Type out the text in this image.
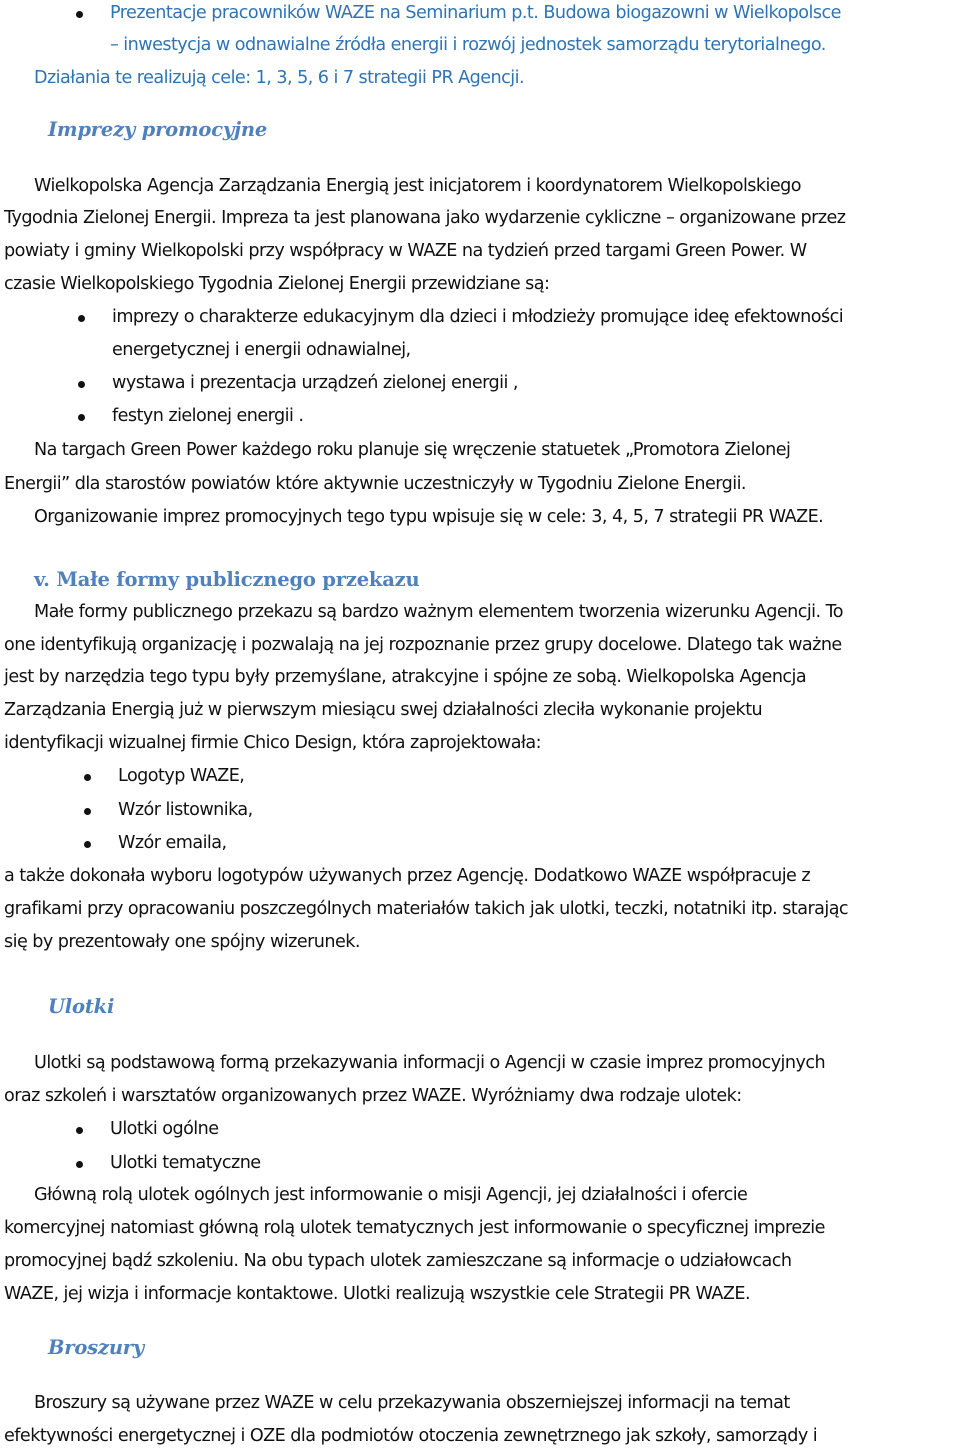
Prezentacje pracowników WAZE na Seminarium p.t. Budowa biogazowni w Wielkopolsce
– inwestycja w odnawialne źródła energii i rozwój jednostek samorządu terytorialnego.
Działania te realizują cele: 1, 3, 5, 6 i 7 strategii PR Agencji.
Imprezy promocyjne
Wielkopolska Agencja Zarządzania Energią jest inicjatorem i koordynatorem Wielkopolskiego
Tygodnia Zielonej Energii. Impreza ta jest planowana jako wydarzenie cykliczne – organizowane przez
powiaty i gminy Wielkopolski przy współpracy w WAZE na tydzień przed targami Green Power. W
czasie Wielkopolskiego Tygodnia Zielonej Energii przewidziane są:
imprezy o charakterze edukacyjnym dla dzieci i młodzieży promujące ideę efektowności
energetycznej i energii odnawialnej,
wystawa i prezentacja urządzeń zielonej energii ,
festyn zielonej energii .
Na targach Green Power każdego roku planuje się wręczenie statuetek „Promotora Zielonej
Energii” dla starostów powiatów które aktywnie uczestniczyły w Tygodniu Zielone Energii.
Organizowanie imprez promocyjnych tego typu wpisuje się w cele: 3, 4, 5, 7 strategii PR WAZE.
v. Małe formy publicznego przekazu
Małe formy publicznego przekazu są bardzo ważnym elementem tworzenia wizerunku Agencji. To
one identyfikują organizację i pozwalają na jej rozpoznanie przez grupy docelowe. Dlatego tak ważne
jest by narzędzia tego typu były przemyślane, atrakcyjne i spójne ze sobą. Wielkopolska Agencja
Zarządzania Energią już w pierwszym miesiącu swej działalności zleciła wykonanie projektu
identyfikacji wizualnej firmie Chico Design, która zaprojektowała:
Logotyp WAZE,
Wzór listownika,
Wzór emaila,
a także dokonała wyboru logotypów używanych przez Agencję. Dodatkowo WAZE współpracuje z
grafikami przy opracowaniu poszczególnych materiałów takich jak ulotki, teczki, notatniki itp. starając
się by prezentowały one spójny wizerunek.
Ulotki
Ulotki są podstawową formą przekazywania informacji o Agencji w czasie imprez promocyjnych
oraz szkoleń i warsztatów organizowanych przez WAZE. Wyróżniamy dwa rodzaje ulotek:
Ulotki ogólne
Ulotki tematyczne
Główną rolą ulotek ogólnych jest informowanie o misji Agencji, jej działalności i ofercie
komercyjnej natomiast główną rolą ulotek tematycznych jest informowanie o specyficznej imprezie
promocyjnej bądź szkoleniu. Na obu typach ulotek zamieszczane są informacje o udziałowcach
WAZE, jej wizja i informacje kontaktowe. Ulotki realizują wszystkie cele Strategii PR WAZE.
Broszury
Broszury są używane przez WAZE w celu przekazywania obszerniejszej informacji na temat
efektywności energetycznej i OZE dla podmiotów otoczenia zewnętrznego jak szkoły, samorządy i
